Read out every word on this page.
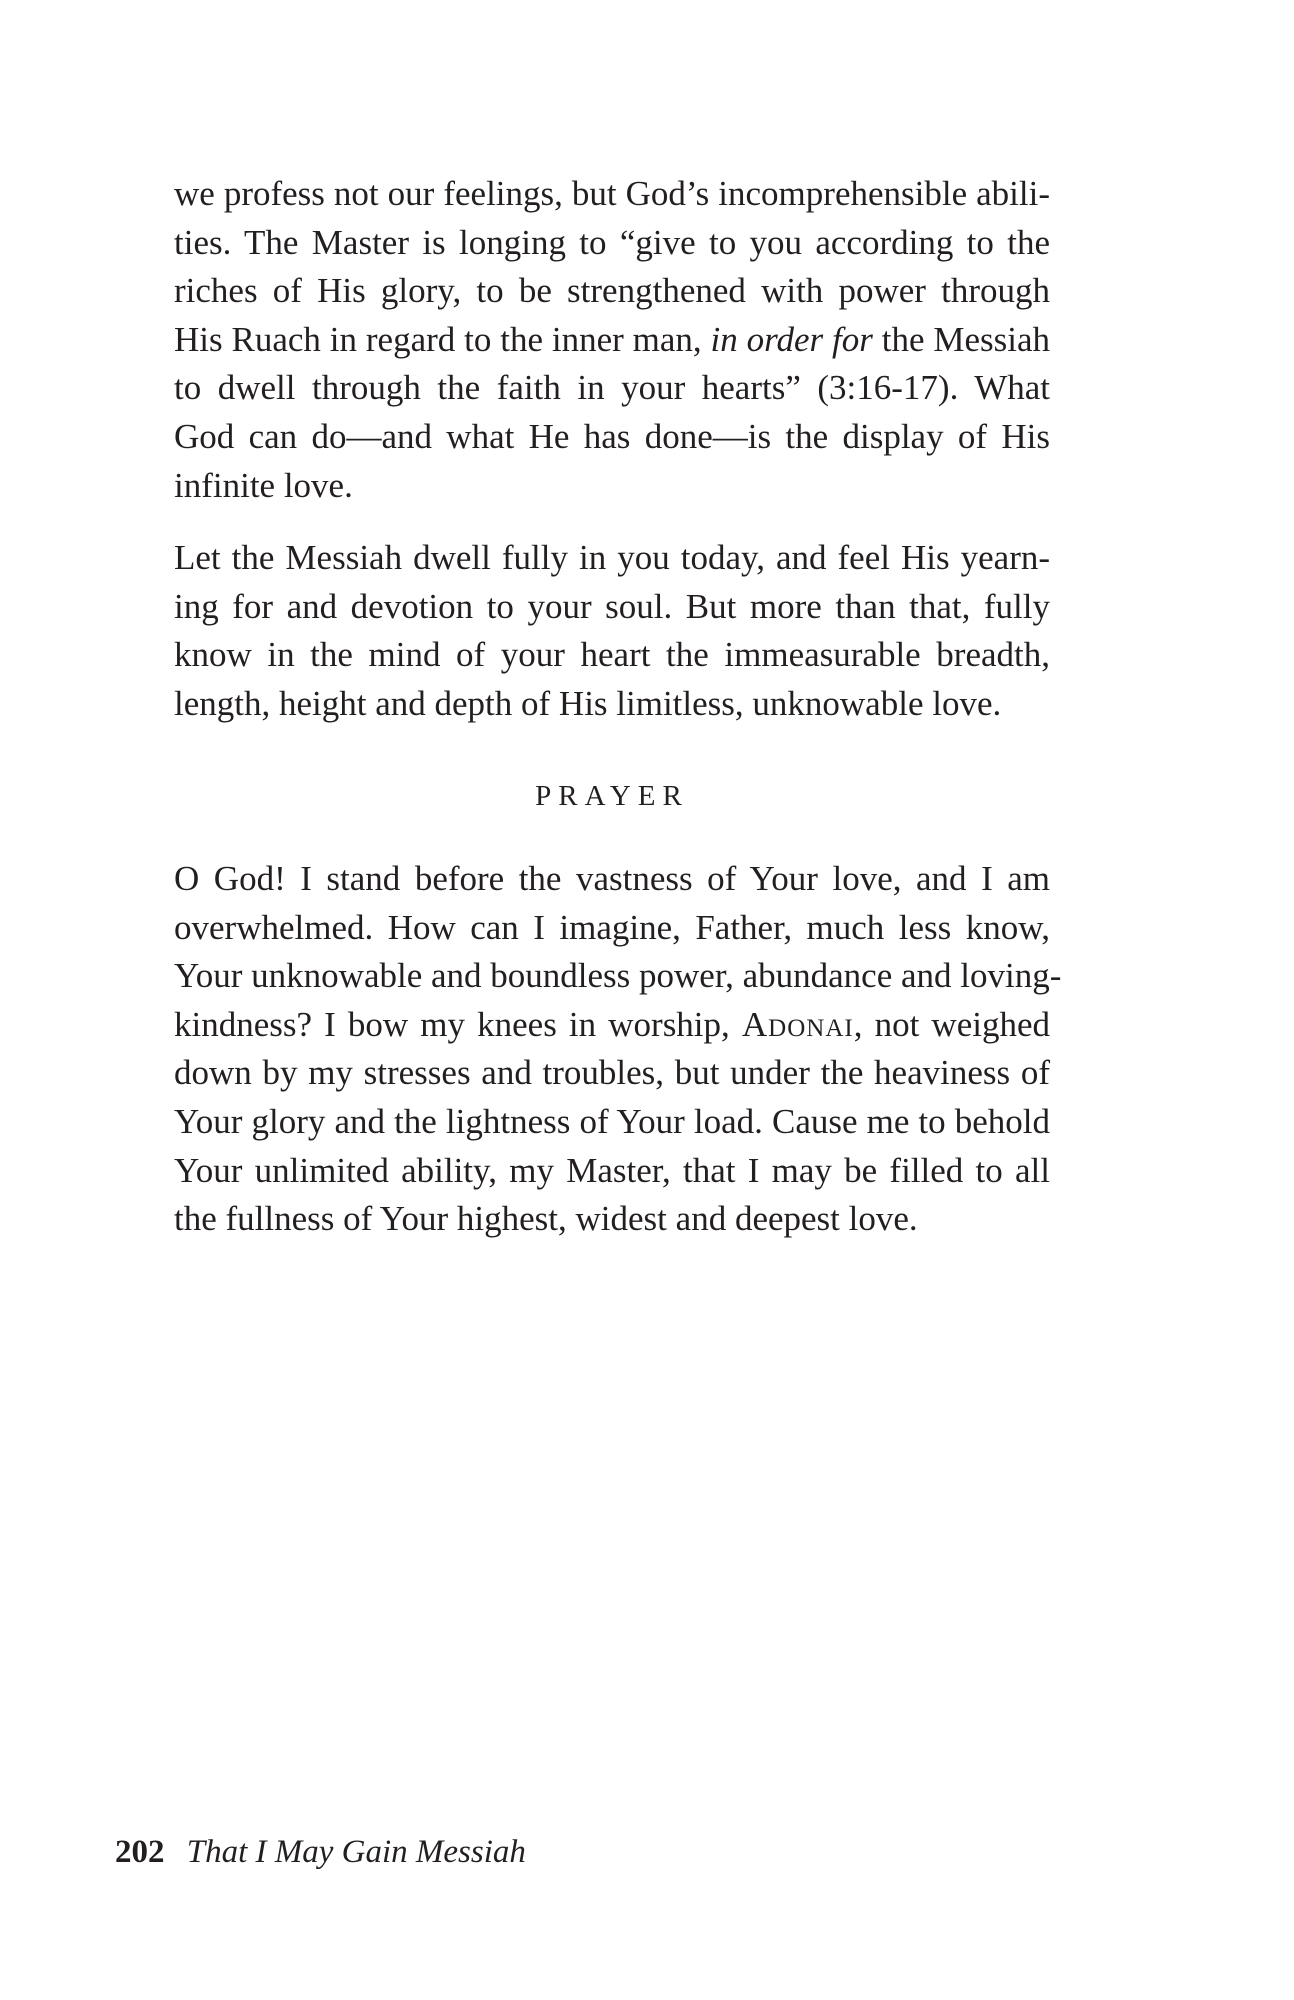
we profess not our feelings, but God’s incomprehensible abili-
ties. The Master is longing to “give to you according to the
riches of His glory, to be strengthened with power through
His Ruach in regard to the inner man, in order for the Messiah
to dwell through the faith in your hearts” (3:16-17). What
God can do—and what He has done—is the display of His
infinite love.
Let the Messiah dwell fully in you today, and feel His yearn-
ing for and devotion to your soul. But more than that, fully
know in the mind of your heart the immeasurable breadth,
length, height and depth of His limitless, unknowable love.
PRAYER
O God! I stand before the vastness of Your love, and I am
overwhelmed. How can I imagine, Father, much less know,
Your unknowable and boundless power, abundance and loving-
kindness? I bow my knees in worship, Adonai, not weighed
down by my stresses and troubles, but under the heaviness of
Your glory and the lightness of Your load. Cause me to behold
Your unlimited ability, my Master, that I may be filled to all
the fullness of Your highest, widest and deepest love.
202 That I May Gain Messiah
